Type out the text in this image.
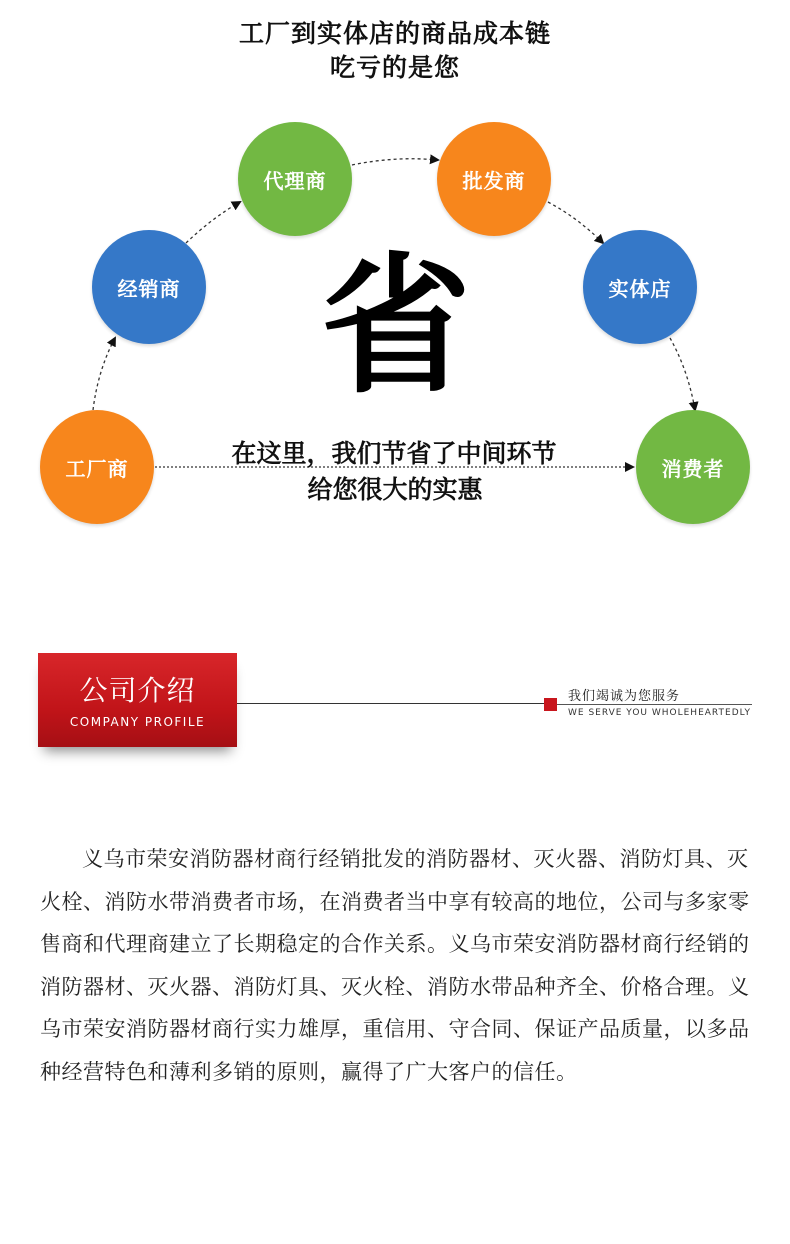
工厂到实体店的商品成本链
吃亏的是您
工厂商
经销商
代理商	批发商
实体店
消费者
省
在这里，我们节省了中间环节
给您很大的实惠
公司介绍
COMPANY PROFILE
我们竭诚为您服务
WE SERVE YOU WHOLEHEARTEDLY
义乌市荣安消防器材商行经销批发的消防器材、灭火器、消防灯具、灭火栓、消防水带消费者市场，在消费者当中享有较高的地位，公司与多家零售商和代理商建立了长期稳定的合作关系。义乌市荣安消防器材商行经销的消防器材、灭火器、消防灯具、灭火栓、消防水带品种齐全、价格合理。义乌市荣安消防器材商行实力雄厚，重信用、守合同、保证产品质量，以多品种经营特色和薄利多销的原则，赢得了广大客户的信任。
